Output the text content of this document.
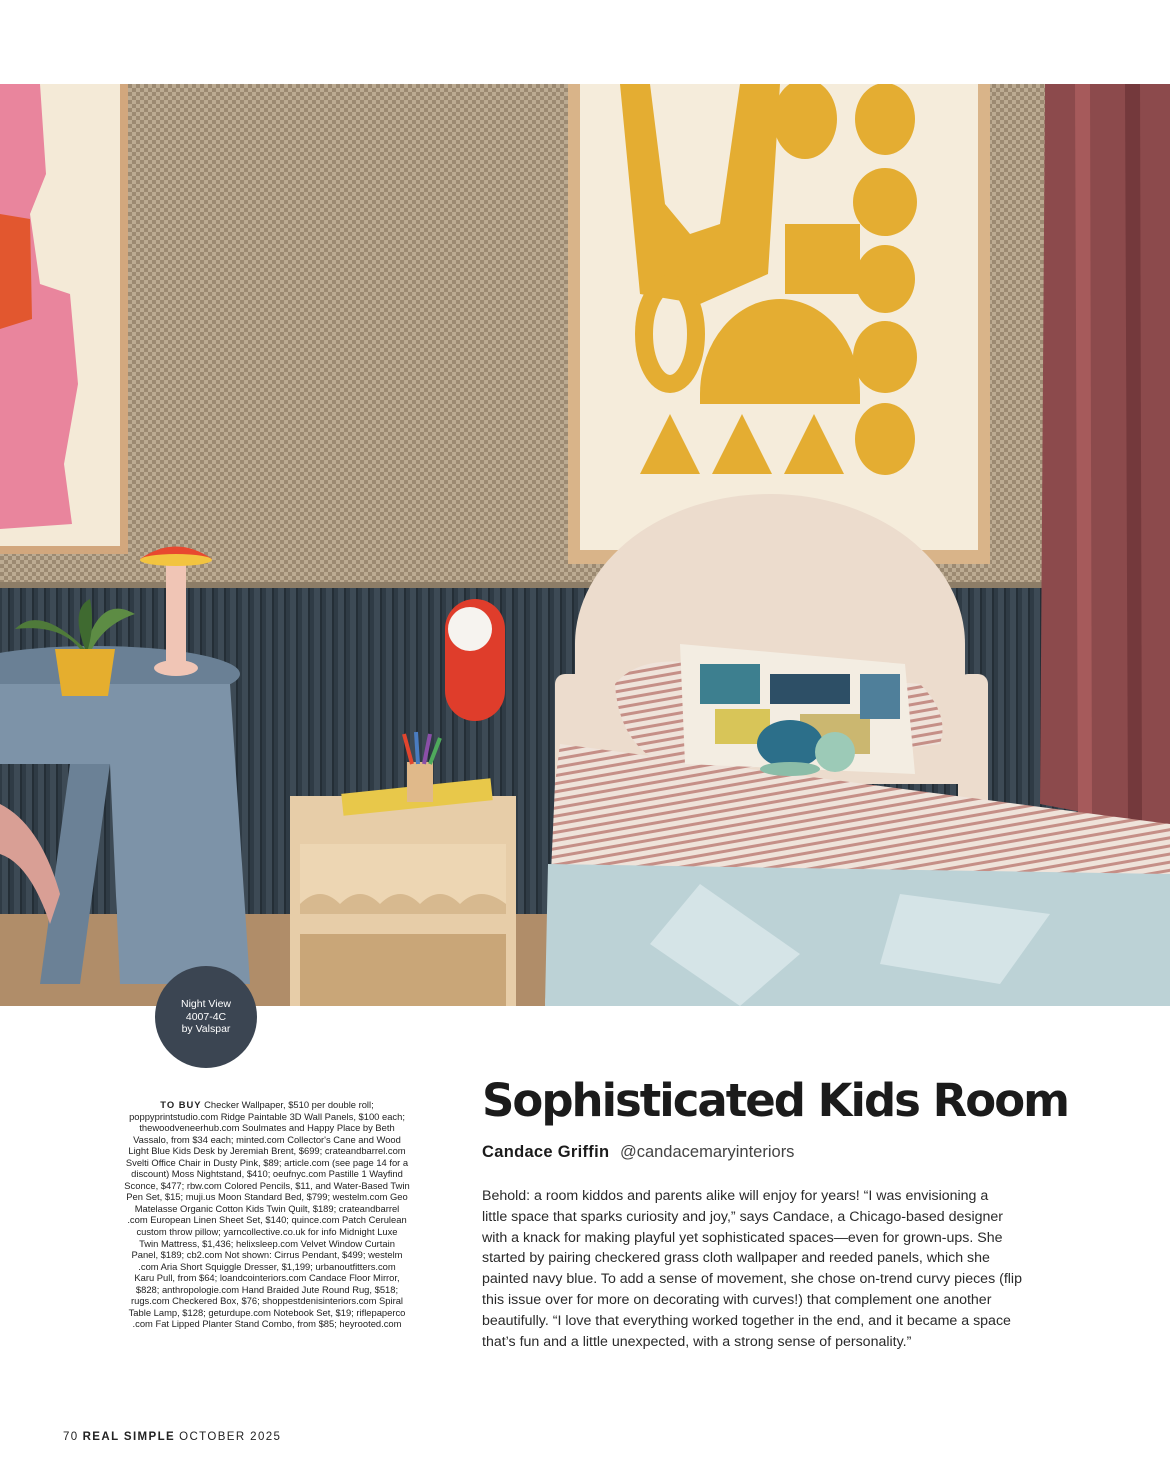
Night View
4007-4C
by Valspar

TO BUY Checker Wallpaper, $510 per double roll;

poppyprintstudio.com Ridge Paintable 3D Wall Panels, $100 each;

thewoodveneerhub.com Soulmates and Happy Place by Beth

Vassalo, from $34 each; minted.com Collector's Cane and Wood

Light Blue Kids Desk by Jeremiah Brent, $699; crateandbarrel.com

Svelti Office Chair in Dusty Pink, $89; article.com (see page 14 for a

discount) Moss Nightstand, $410; oeufnyc.com Pastille 1 Wayfind

Sconce, $477; rbw.com Colored Pencils, $11, and Water-Based Twin

Pen Set, $15; muji.us Moon Standard Bed, $799; westelm.com Geo

Matelasse Organic Cotton Kids Twin Quilt, $189; crateandbarrel

.com European Linen Sheet Set, $140; quince.com Patch Cerulean

custom throw pillow; yarncollective.co.uk for info Midnight Luxe

Twin Mattress, $1,436; helixsleep.com Velvet Window Curtain

Panel, $189; cb2.com Not shown: Cirrus Pendant, $499; westelm

.com Aria Short Squiggle Dresser, $1,199; urbanoutfitters.com

Karu Pull, from $64; loandcointeriors.com Candace Floor Mirror,

$828; anthropologie.com Hand Braided Jute Round Rug, $518;

rugs.com Checkered Box, $76; shoppestdenisinteriors.com Spiral

Table Lamp, $128; geturdupe.com Notebook Set, $19; riflepaperco

.com Fat Lipped Planter Stand Combo, from $85; heyrooted.com

Sophisticated Kids Room
Candace Griffin @candacemaryinteriors
Behold: a room kiddos and parents alike will enjoy for years! “I was envisioning a
little space that sparks curiosity and joy,” says Candace, a Chicago-based designer
with a knack for making playful yet sophisticated spaces—even for grown-ups. She
started by pairing checkered grass cloth wallpaper and reeded panels, which she
painted navy blue. To add a sense of movement, she chose on-trend curvy pieces (flip
this issue over for more on decorating with curves!) that complement one another
beautifully. “I love that everything worked together in the end, and it became a space
that’s fun and a little unexpected, with a strong sense of personality.”
70 REAL SIMPLE OCTOBER 2025
